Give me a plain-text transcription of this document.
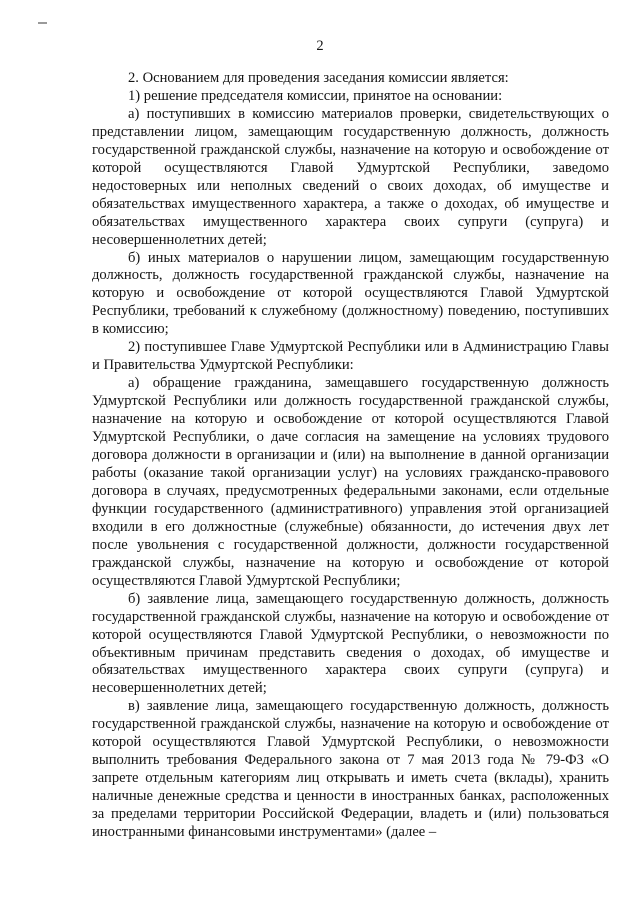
2

2. Основанием для проведения заседания комиссии является:

1) решение председателя комиссии, принятое на основании:

а) поступивших в комиссию материалов проверки, свидетельствующих о представлении лицом, замещающим государственную должность, должность государственной гражданской службы, назначение на которую и освобождение от которой осуществляются Главой Удмуртской Республики, заведомо недостоверных или неполных сведений о своих доходах, об имуществе и обязательствах имущественного характера, а также о доходах, об имуществе и обязательствах имущественного характера своих супруги (супруга) и несовершеннолетних детей;

б) иных материалов о нарушении лицом, замещающим государственную должность, должность государственной гражданской службы, назначение на которую и освобождение от которой осуществляются Главой Удмуртской Республики, требований к служебному (должностному) поведению, поступивших в комиссию;

2) поступившее Главе Удмуртской Республики или в Администрацию Главы и Правительства Удмуртской Республики:

а) обращение гражданина, замещавшего государственную должность Удмуртской Республики или должность государственной гражданской службы, назначение на которую и освобождение от которой осуществляются Главой Удмуртской Республики, о даче согласия на замещение на условиях трудового договора должности в организации и (или) на выполнение в данной организации работы (оказание такой организации услуг) на условиях гражданско-правового договора в случаях, предусмотренных федеральными законами, если отдельные функции государственного (административного) управления этой организацией входили в его должностные (служебные) обязанности, до истечения двух лет после увольнения с государственной должности, должности государственной гражданской службы, назначение на которую и освобождение от которой осуществляются Главой Удмуртской Республики;

б) заявление лица, замещающего государственную должность, должность государственной гражданской службы, назначение на которую и освобождение от которой осуществляются Главой Удмуртской Республики, о невозможности по объективным причинам представить сведения о доходах, об имуществе и обязательствах имущественного характера своих супруги (супруга) и несовершеннолетних детей;

в) заявление лица, замещающего государственную должность, должность государственной гражданской службы, назначение на которую и освобождение от которой осуществляются Главой Удмуртской Республики, о невозможности выполнить требования Федерального закона от 7 мая 2013 года № 79-ФЗ «О запрете отдельным категориям лиц открывать и иметь счета (вклады), хранить наличные денежные средства и ценности в иностранных банках, расположенных за пределами территории Российской Федерации, владеть и (или) пользоваться иностранными финансовыми инструментами» (далее –
